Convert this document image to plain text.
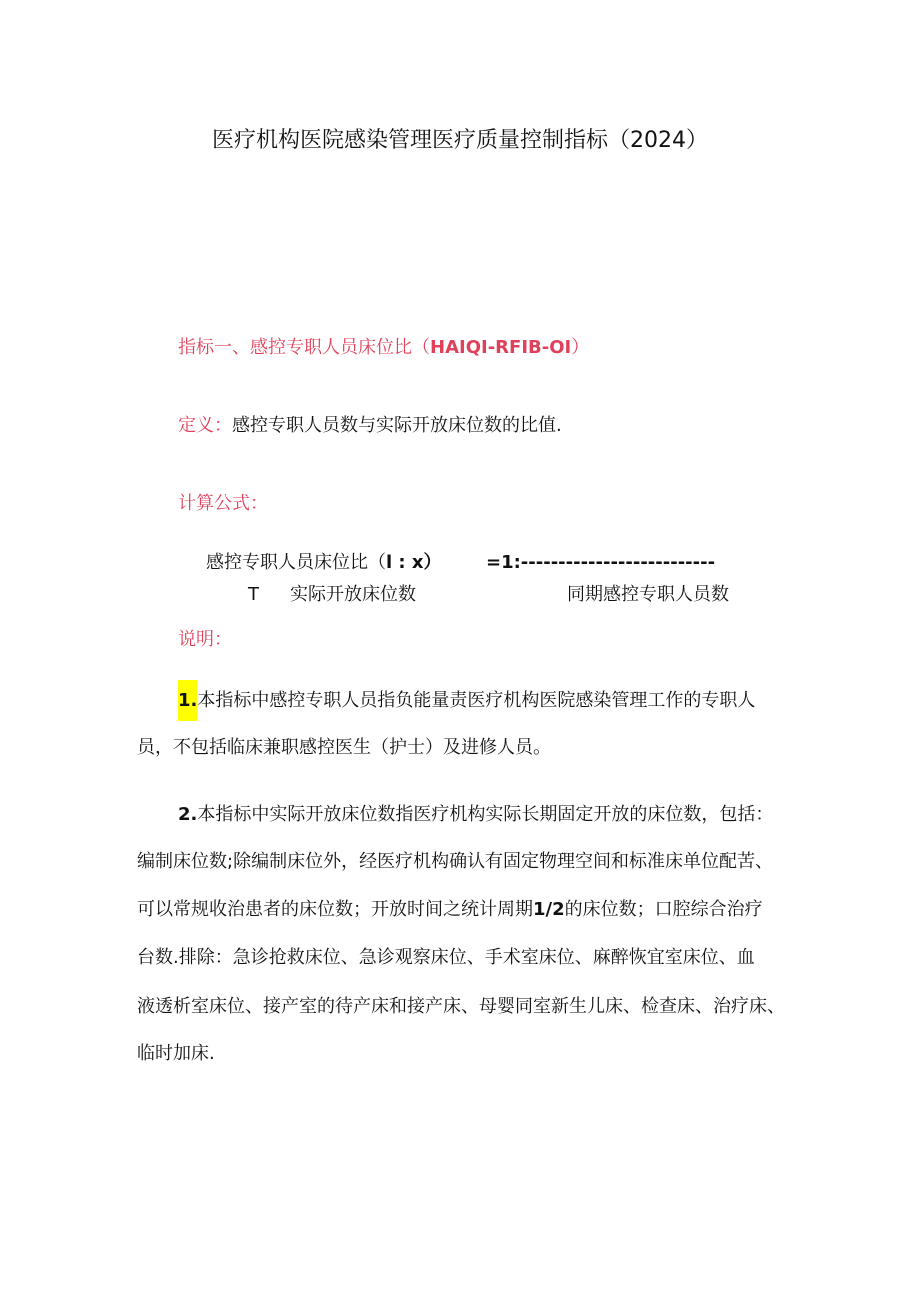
医疗机构医院感染管理医疗质量控制指标（2024）
指标一、感控专职人员床位比（HAIQI-RFIB-OI）
定义：感控专职人员数与实际开放床位数的比值.
计算公式：
感控专职人员床位比（l : x） =1:--------------------------
T 实际开放床位数	同期感控专职人员数
说明：
1.本指标中感控专职人员指负能量责医疗机构医院感染管理工作的专职人
员，不包括临床兼职感控医生（护士）及进修人员。
2.本指标中实际开放床位数指医疗机构实际长期固定开放的床位数，包括：
编制床位数;除编制床位外，经医疗机构确认有固定物理空间和标准床单位配苦、
可以常规收治患者的床位数；开放时间之统计周期1/2的床位数；口腔综合治疗
台数.排除：急诊抢救床位、急诊观察床位、手术室床位、麻醉恢宜室床位、血
液透析室床位、接产室的待产床和接产床、母婴同室新生儿床、检查床、治疗床、
临时加床.
